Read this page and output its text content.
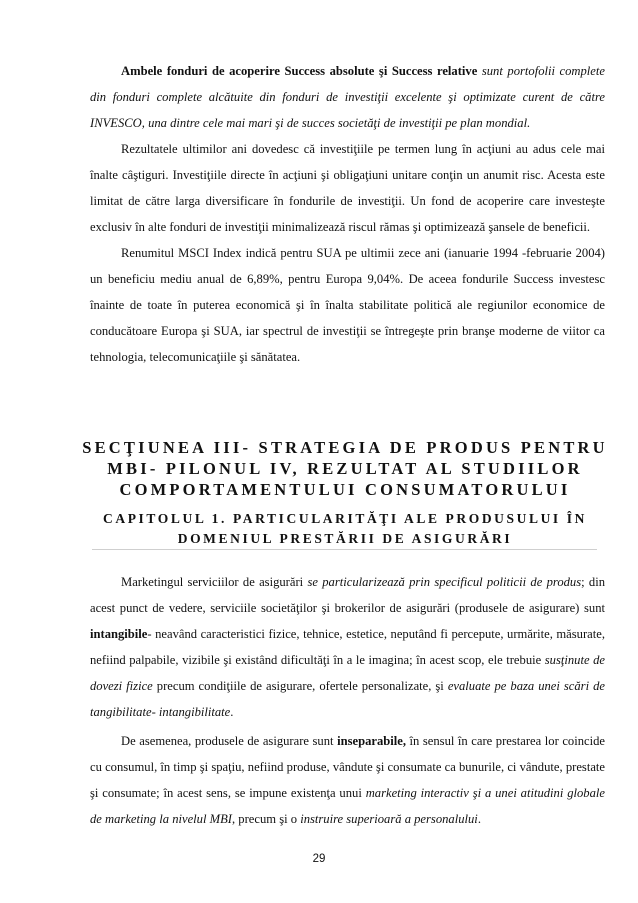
Ambele fonduri de acoperire Success absolute şi Success relative sunt portofolii complete din fonduri complete alcătuite din fonduri de investiţii excelente şi optimizate curent de către INVESCO, una dintre cele mai mari şi de succes societăţi de investiţii pe plan mondial.

Rezultatele ultimilor ani dovedesc că investiţiile pe termen lung în acţiuni au adus cele mai înalte câştiguri. Investiţiile directe în acţiuni şi obligaţiuni unitare conţin un anumit risc. Acesta este limitat de către larga diversificare în fondurile de investiţii. Un fond de acoperire care investeşte exclusiv în alte fonduri de investiţii minimalizează riscul rămas şi optimizează şansele de beneficii.

Renumitul MSCI Index indică pentru SUA pe ultimii zece ani (ianuarie 1994 -februarie 2004) un beneficiu mediu anual de 6,89%, pentru Europa 9,04%. De aceea fondurile Success investesc înainte de toate în puterea economică şi în înalta stabilitate politică ale regiunilor economice de conducătoare Europa şi SUA, iar spectrul de investiţii se întregeşte prin branşe moderne de viitor ca tehnologia, telecomunicaţiile şi sănătatea.

SECŢIUNEA III- STRATEGIA DE PRODUS PENTRU
MBI- PILONUL IV, REZULTAT AL STUDIILOR
COMPORTAMENTULUI CONSUMATORULUI
CAPITOLUL 1. PARTICULARITĂŢI ALE PRODUSULUI ÎN
DOMENIUL PRESTĂRII DE ASIGURĂRI

Marketingul serviciilor de asigurări se particularizează prin specificul politicii de produs; din acest punct de vedere, serviciile societăţilor şi brokerilor de asigurări (produsele de asigurare) sunt intangibile- neavând caracteristici fizice, tehnice, estetice, neputând fi percepute, urmărite, măsurate, nefiind palpabile, vizibile şi existând dificultăţi în a le imagina; în acest scop, ele trebuie susţinute de dovezi fizice precum condiţiile de asigurare, ofertele personalizate, şi evaluate pe baza unei scări de tangibilitate- intangibilitate.

De asemenea, produsele de asigurare sunt inseparabile, în sensul în care prestarea lor coincide cu consumul, în timp şi spaţiu, nefiind produse, vândute şi consumate ca bunurile, ci vândute, prestate şi consumate; în acest sens, se impune existenţa unui marketing interactiv şi a unei atitudini globale de marketing la nivelul MBI, precum şi o instruire superioară a personalului.

29
